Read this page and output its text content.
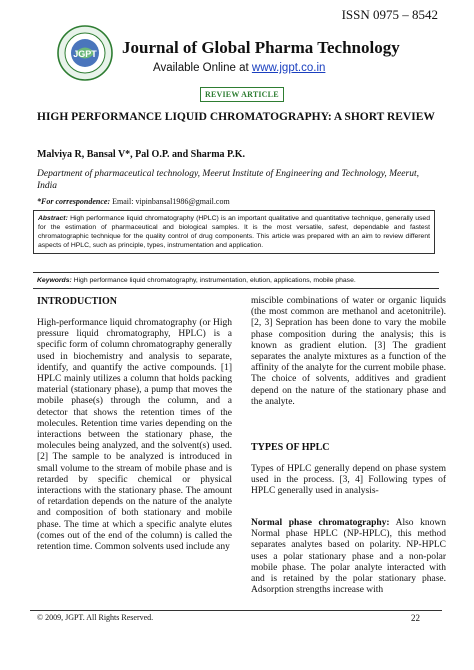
ISSN 0975 – 8542
JGPT Journal of Global Pharma Technology
Available Online at www.jgpt.co.in
REVIEW ARTICLE
HIGH PERFORMANCE LIQUID CHROMATOGRAPHY: A SHORT REVIEW
Malviya R, Bansal V*, Pal O.P. and Sharma P.K.
Department of pharmaceutical technology, Meerut Institute of Engineering and Technology, Meerut, India
*For correspondence: Email: vipinbansal1986@gmail.com
Abstract: High performance liquid chromatography (HPLC) is an important qualitative and quantitative technique, generally used for the estimation of pharmaceutical and biological samples. It is the most versatile, safest, dependable and fastest chromatographic technique for the quality control of drug components. This article was prepared with an aim to review different aspects of HPLC, such as principle, types, instrumentation and application.
Keywords: High performance liquid chromatography, instrumentation, elution, applications, mobile phase.
INTRODUCTION
High-performance liquid chromatography (or High pressure liquid chromatography, HPLC) is a specific form of column chromatography generally used in biochemistry and analysis to separate, identify, and quantify the active compounds. [1] HPLC mainly utilizes a column that holds packing material (stationary phase), a pump that moves the mobile phase(s) through the column, and a detector that shows the retention times of the molecules. Retention time varies depending on the interactions between the stationary phase, the molecules being analyzed, and the solvent(s) used. [2] The sample to be analyzed is introduced in small volume to the stream of mobile phase and is retarded by specific chemical or physical interactions with the stationary phase. The amount of retardation depends on the nature of the analyte and composition of both stationary and mobile phase. The time at which a specific analyte elutes (comes out of the end of the column) is called the retention time. Common solvents used include any
miscible combinations of water or organic liquids (the most common are methanol and acetonitrile). [2, 3] Sepration has been done to vary the mobile phase composition during the analysis; this is known as gradient elution. [3] The gradient separates the analyte mixtures as a function of the affinity of the analyte for the current mobile phase. The choice of solvents, additives and gradient depend on the nature of the stationary phase and the analyte.
TYPES OF HPLC
Types of HPLC generally depend on phase system used in the process. [3, 4] Following types of HPLC generally used in analysis-
Normal phase chromatography: Also known Normal phase HPLC (NP-HPLC), this method separates analytes based on polarity. NP-HPLC uses a polar stationary phase and a non-polar mobile phase. The polar analyte interacted with and is retained by the polar stationary phase. Adsorption strengths increase with
© 2009, JGPT. All Rights Reserved.	22
